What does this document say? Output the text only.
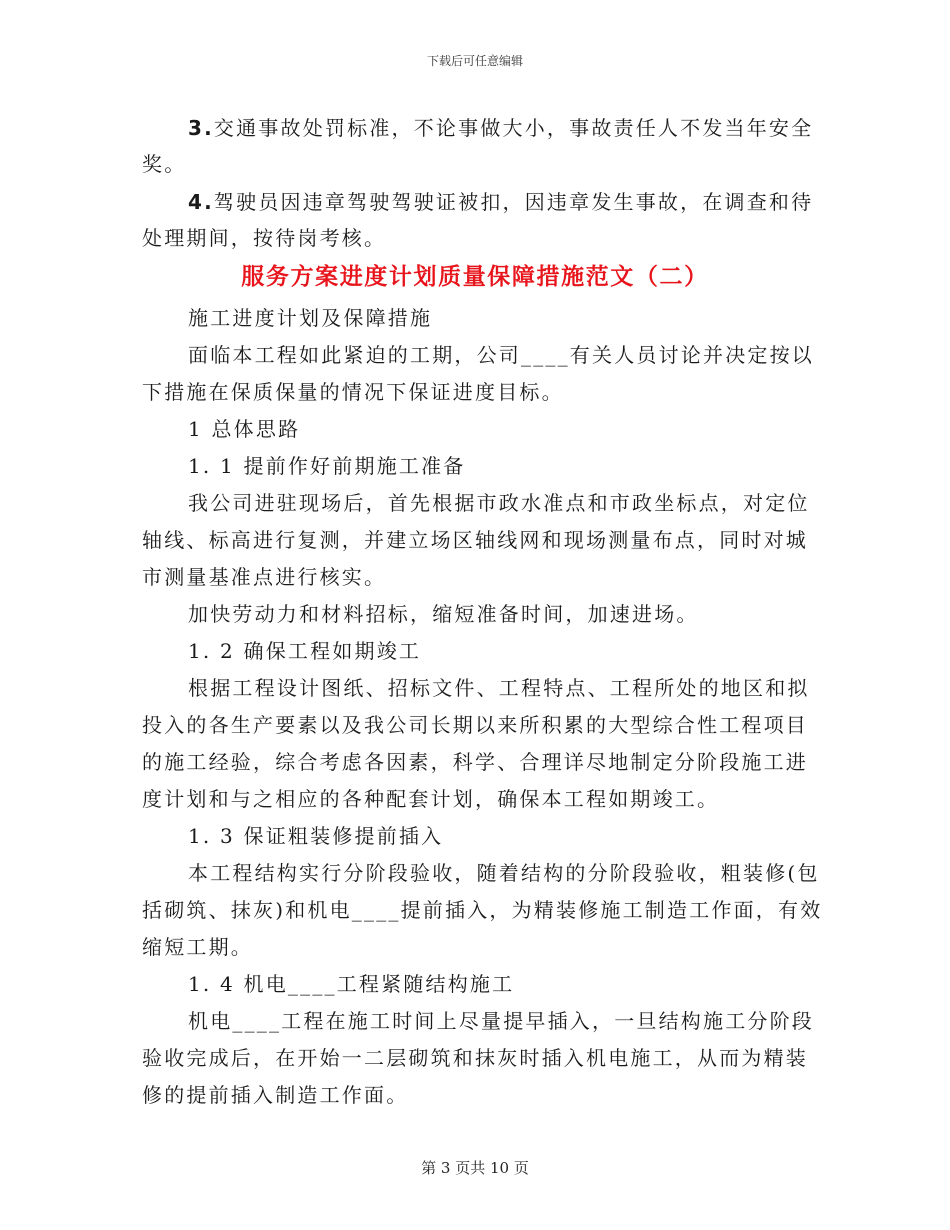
下载后可任意编辑
3.交通事故处罚标准，不论事做大小，事故责任人不发当年安全
奖。
4.驾驶员因违章驾驶驾驶证被扣，因违章发生事故，在调查和待
处理期间，按待岗考核。
服务方案进度计划质量保障措施范文（二）
施工进度计划及保障措施
面临本工程如此紧迫的工期，公司____有关人员讨论并决定按以
下措施在保质保量的情况下保证进度目标。
1 总体思路
1. 1 提前作好前期施工准备
我公司进驻现场后，首先根据市政水准点和市政坐标点，对定位
轴线、标高进行复测，并建立场区轴线网和现场测量布点，同时对城
市测量基准点进行核实。
加快劳动力和材料招标，缩短准备时间，加速进场。
1. 2 确保工程如期竣工
根据工程设计图纸、招标文件、工程特点、工程所处的地区和拟
投入的各生产要素以及我公司长期以来所积累的大型综合性工程项目
的施工经验，综合考虑各因素，科学、合理详尽地制定分阶段施工进
度计划和与之相应的各种配套计划，确保本工程如期竣工。
1. 3 保证粗装修提前插入
本工程结构实行分阶段验收，随着结构的分阶段验收，粗装修(包
括砌筑、抹灰)和机电____提前插入，为精装修施工制造工作面，有效
缩短工期。
1. 4 机电____工程紧随结构施工
机电____工程在施工时间上尽量提早插入，一旦结构施工分阶段
验收完成后，在开始一二层砌筑和抹灰时插入机电施工，从而为精装
修的提前插入制造工作面。
第 3 页共 10 页
